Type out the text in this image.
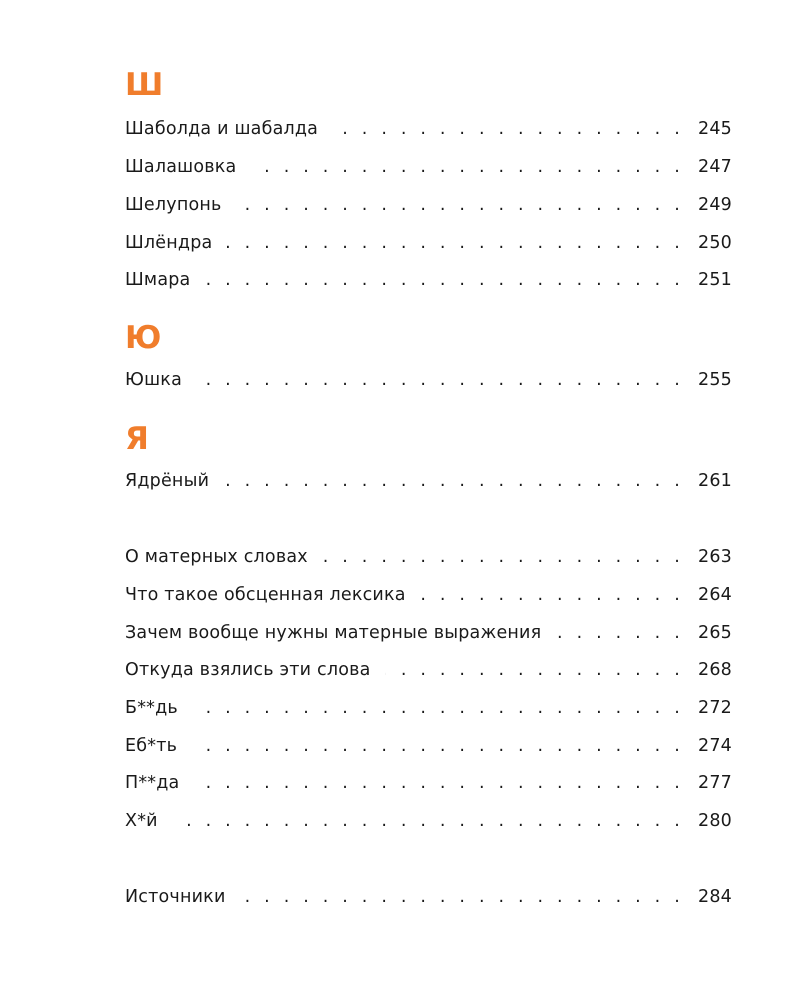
Ш
Шаболда и шабалда . . .	245
Шалашовка . . .	247
Шелупонь . . .	249
Шлёндра . . .	250
Шмара . . .	251
Ю
Юшка . . .	255
Я
Ядрёный . . .	261
О матерных словах . . .	263
Что такое обсценная лексика . . .	264
Зачем вообще нужны матерные выражения . . .	265
Откуда взялись эти слова . . .	268
Б**дь . . .	272
Еб*ть . . .	274
П**да . . .	277
Х*й . . .	280
Источники . . .	284
